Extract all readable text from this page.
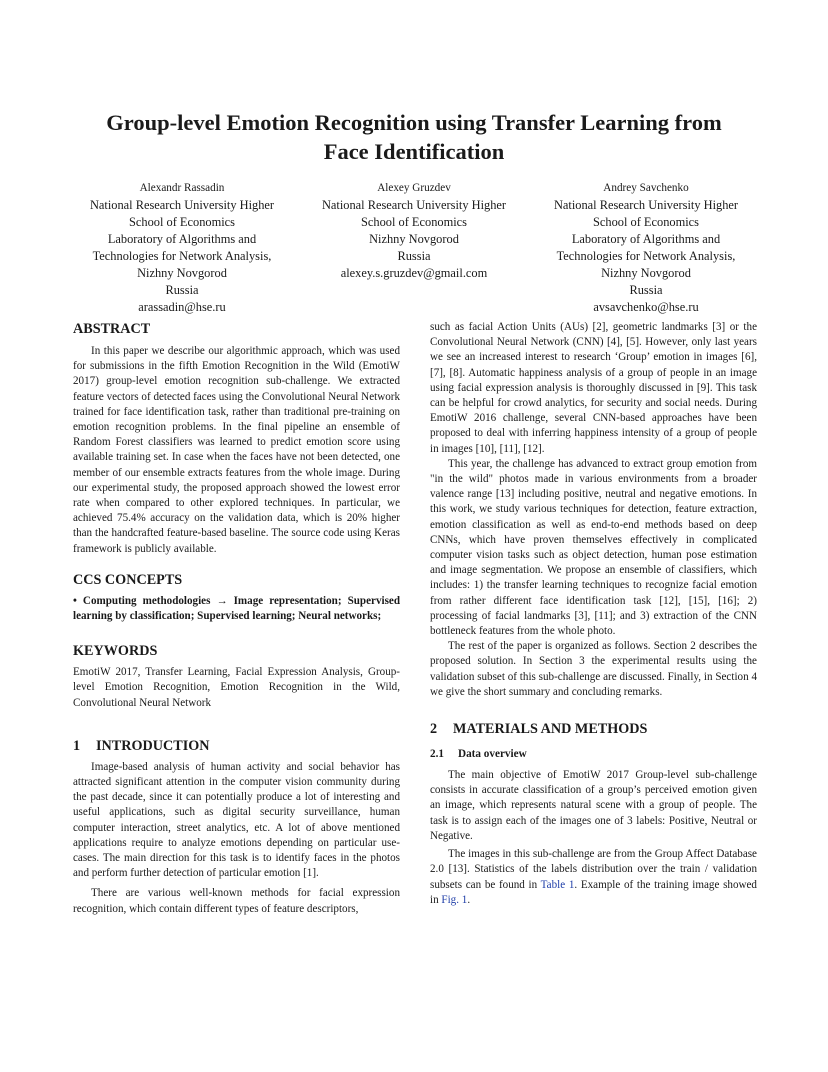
Group-level Emotion Recognition using Transfer Learning from
Face Identification
Alexandr Rassadin
National Research University Higher
School of Economics
Laboratory of Algorithms and
Technologies for Network Analysis,
Nizhny Novgorod
Russia
arassadin@hse.ru
Alexey Gruzdev
National Research University Higher
School of Economics
Nizhny Novgorod
Russia
alexey.s.gruzdev@gmail.com
Andrey Savchenko
National Research University Higher
School of Economics
Laboratory of Algorithms and
Technologies for Network Analysis,
Nizhny Novgorod
Russia
avsavchenko@hse.ru
ABSTRACT

In this paper we describe our algorithmic approach, which was used for submissions in the fifth Emotion Recognition in the Wild (EmotiW 2017) group-level emotion recognition sub-challenge. We extracted feature vectors of detected faces using the Convolutional Neural Network trained for face identification task, rather than traditional pre-training on emotion recognition problems. In the final pipeline an ensemble of Random Forest classifiers was learned to predict emotion score using available training set. In case when the faces have not been detected, one member of our ensemble extracts features from the whole image. During our experimental study, the proposed approach showed the lowest error rate when compared to other explored techniques. In particular, we achieved 75.4% accuracy on the validation data, which is 20% higher than the handcrafted feature-based baseline. The source code using Keras framework is publicly available.

CCS CONCEPTS

• Computing methodologies → Image representation; Supervised learning by classification; Supervised learning; Neural networks;

KEYWORDS

EmotiW 2017, Transfer Learning, Facial Expression Analysis, Group-level Emotion Recognition, Emotion Recognition in the Wild, Convolutional Neural Network

1 INTRODUCTION

Image-based analysis of human activity and social behavior has attracted significant attention in the computer vision community during the past decade, since it can potentially produce a lot of interesting and useful applications, such as digital security surveillance, human computer interaction, street analytics, etc. A lot of above mentioned applications require to analyze emotions depending on particular use-cases. The main direction for this task is to identify faces in the photos and perform further detection of particular emotion [1].

There are various well-known methods for facial expression recognition, which contain different types of feature descriptors,

such as facial Action Units (AUs) [2], geometric landmarks [3] or the Convolutional Neural Network (CNN) [4], [5]. However, only last years we see an increased interest to research ‘Group’ emotion in images [6], [7], [8]. Automatic happiness analysis of a group of people in an image using facial expression analysis is thoroughly discussed in [9]. This task can be helpful for crowd analytics, for security and social needs. During EmotiW 2016 challenge, several CNN-based approaches have been proposed to deal with inferring happiness intensity of a group of people in images [10], [11], [12].

This year, the challenge has advanced to extract group emotion from "in the wild" photos made in various environments from a broader valence range [13] including positive, neutral and negative emotions. In this work, we study various techniques for detection, feature extraction, emotion classification as well as end-to-end methods based on deep CNNs, which have proven themselves effectively in complicated computer vision tasks such as object detection, human pose estimation and image segmentation. We propose an ensemble of classifiers, which includes: 1) the transfer learning techniques to recognize facial emotion from rather different face identification task [12], [15], [16]; 2) processing of facial landmarks [3], [11]; and 3) extraction of the CNN bottleneck features from the whole photo.

The rest of the paper is organized as follows. Section 2 describes the proposed solution. In Section 3 the experimental results using the validation subset of this sub-challenge are discussed. Finally, in Section 4 we give the short summary and concluding remarks.

2 MATERIALS AND METHODS
2.1 Data overview

The main objective of EmotiW 2017 Group-level sub-challenge consists in accurate classification of a group’s perceived emotion given an image, which represents natural scene with a group of people. The task is to assign each of the images one of 3 labels: Positive, Neutral or Negative.

The images in this sub-challenge are from the Group Affect Database 2.0 [13]. Statistics of the labels distribution over the train / validation subsets can be found in Table 1. Example of the training image showed in Fig. 1.
